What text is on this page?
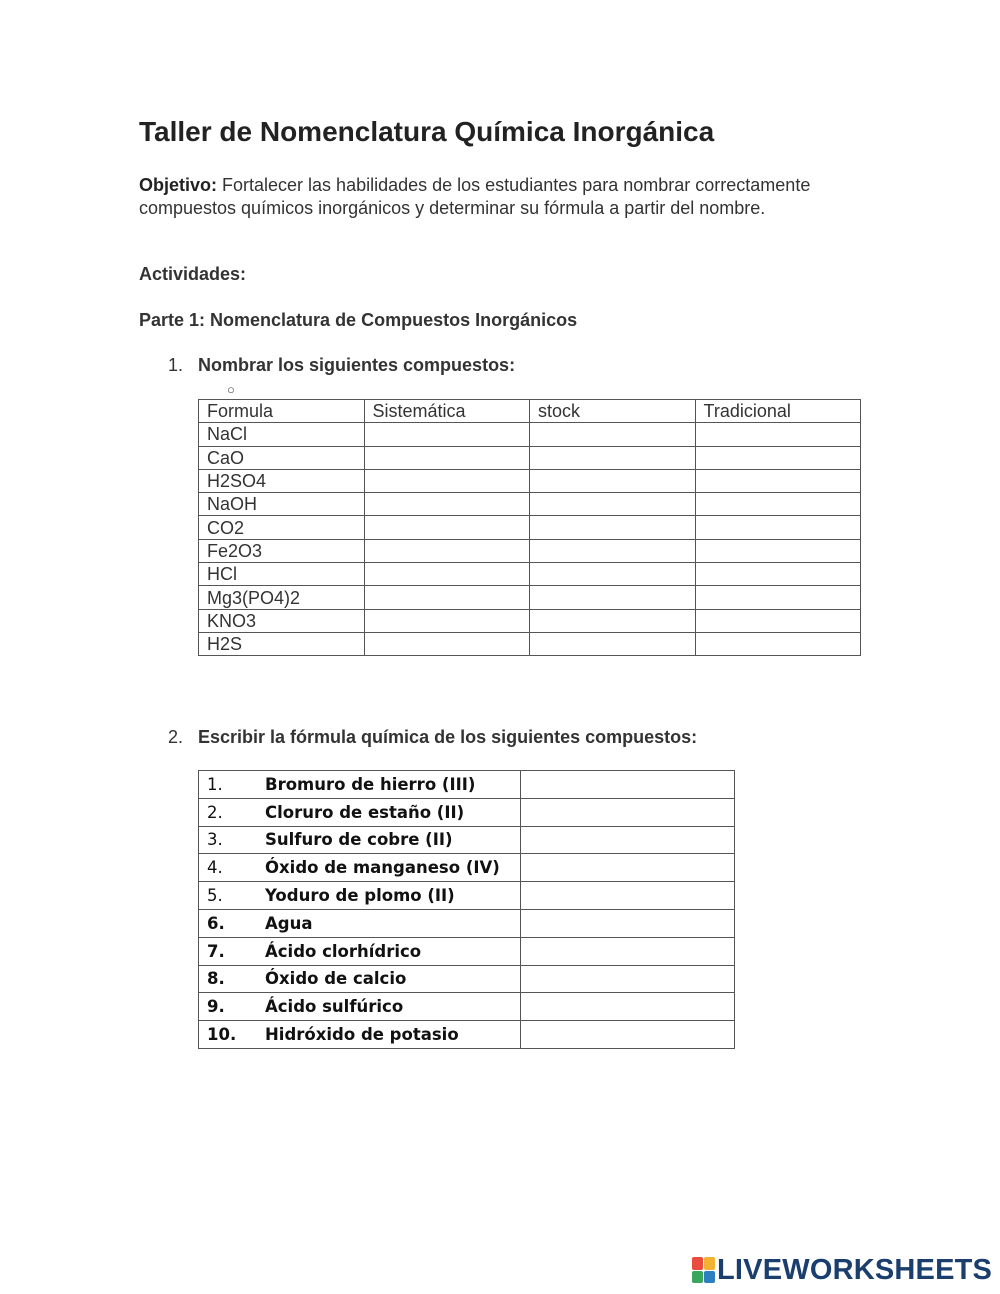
Taller de Nomenclatura Química Inorgánica

Objetivo: Fortalecer las habilidades de los estudiantes para nombrar correctamente compuestos químicos inorgánicos y determinar su fórmula a partir del nombre.

Actividades:
Parte 1: Nomenclatura de Compuestos Inorgánicos
1. Nombrar los siguientes compuestos:
○
Formula	Sistemática	stock	Tradicional
NaCl			
CaO			
H2SO4			
NaOH			
CO2			
Fe2O3			
HCl			
Mg3(PO4)2			
KNO3			
H2S			
2. Escribir la fórmula química de los siguientes compuestos:
1. Bromuro de hierro (III)	
2. Cloruro de estaño (II)	
3. Sulfuro de cobre (II)	
4. Óxido de manganeso (IV)	
5. Yoduro de plomo (II)	
6. Agua	
7. Ácido clorhídrico	
8. Óxido de calcio	
9. Ácido sulfúrico	
10. Hidróxido de potasio	
LIVEWORKSHEETS
